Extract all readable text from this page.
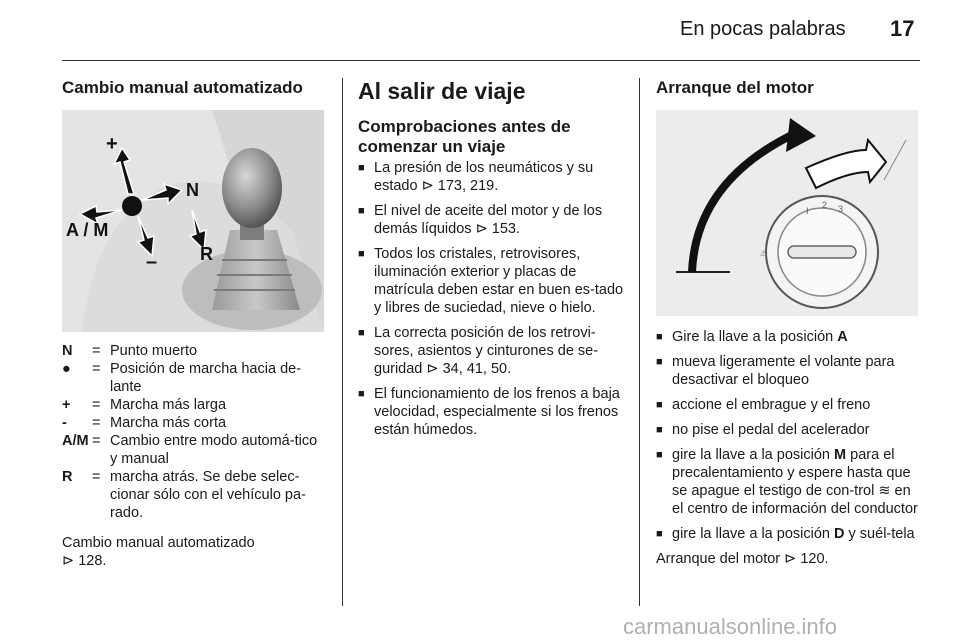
En pocas palabras 17

Cambio manual automatizado

+
N
A / M
– R
N	= Punto muerto
●	= Posición de marcha hacia de-lante
+	= Marcha más larga
-	= Marcha más corta
A/M = Cambio entre modo automá-tico y manual
R	= marcha atrás. Se debe selec-cionar sólo con el vehículo pa-rado.
Cambio manual automatizado
⊳ 128.

Al salir de viaje

Comprobaciones antes de comenzar un viaje

■ La presión de los neumáticos y su estado ⊳ 173, 219.
■ El nivel de aceite del motor y de los demás líquidos ⊳ 153.
■ Todos los cristales, retrovisores, iluminación exterior y placas de matrícula deben estar en buen es-tado y libres de suciedad, nieve o hielo.
■ La correcta posición de los retrovi-sores, asientos y cinturones de se-guridad ⊳ 34, 41, 50.
■ El funcionamiento de los frenos a baja velocidad, especialmente si los frenos están húmedos.

Arranque del motor

⚠
I
2 3
■ Gire la llave a la posición A
■ mueva ligeramente el volante para desactivar el bloqueo
■ accione el embrague y el freno
■ no pise el pedal del acelerador
■ gire la llave a la posición M para el precalentamiento y espere hasta que se apague el testigo de con-trol ≋ en el centro de información del conductor
■ gire la llave a la posición D y suél-tela
Arranque del motor ⊳ 120.
carmanualsonline.info
